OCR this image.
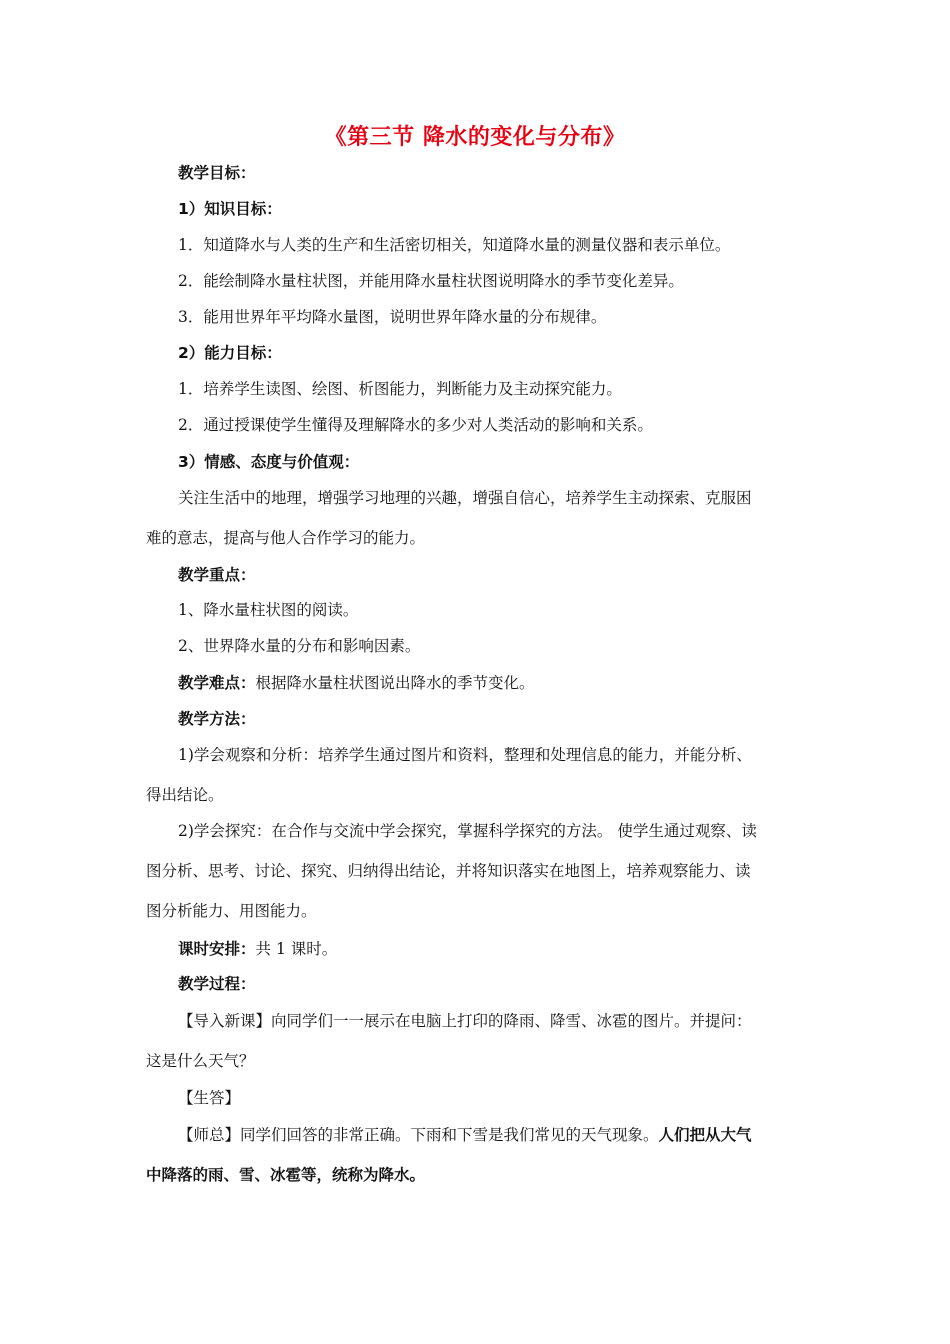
《第三节 降水的变化与分布》
教学目标：
1）知识目标：
1．知道降水与人类的生产和生活密切相关，知道降水量的测量仪器和表示单位。
2．能绘制降水量柱状图，并能用降水量柱状图说明降水的季节变化差异。
3．能用世界年平均降水量图，说明世界年降水量的分布规律。
2）能力目标：
1．培养学生读图、绘图、析图能力，判断能力及主动探究能力。
2．通过授课使学生懂得及理解降水的多少对人类活动的影响和关系。
3）情感、态度与价值观：
关注生活中的地理，增强学习地理的兴趣，增强自信心，培养学生主动探索、克服困
难的意志，提高与他人合作学习的能力。
教学重点：
1、降水量柱状图的阅读。
2、世界降水量的分布和影响因素。
教学难点：根据降水量柱状图说出降水的季节变化。
教学方法：
1)学会观察和分析：培养学生通过图片和资料，整理和处理信息的能力，并能分析、
得出结论。
2)学会探究：在合作与交流中学会探究，掌握科学探究的方法。 使学生通过观察、读
图分析、思考、讨论、探究、归纳得出结论，并将知识落实在地图上，培养观察能力、读
图分析能力、用图能力。
课时安排：共 1 课时。
教学过程：
【导入新课】向同学们一一展示在电脑上打印的降雨、降雪、冰雹的图片。并提问：
这是什么天气？
【生答】
【师总】同学们回答的非常正确。下雨和下雪是我们常见的天气现象。人们把从大气
中降落的雨、雪、冰雹等，统称为降水。
